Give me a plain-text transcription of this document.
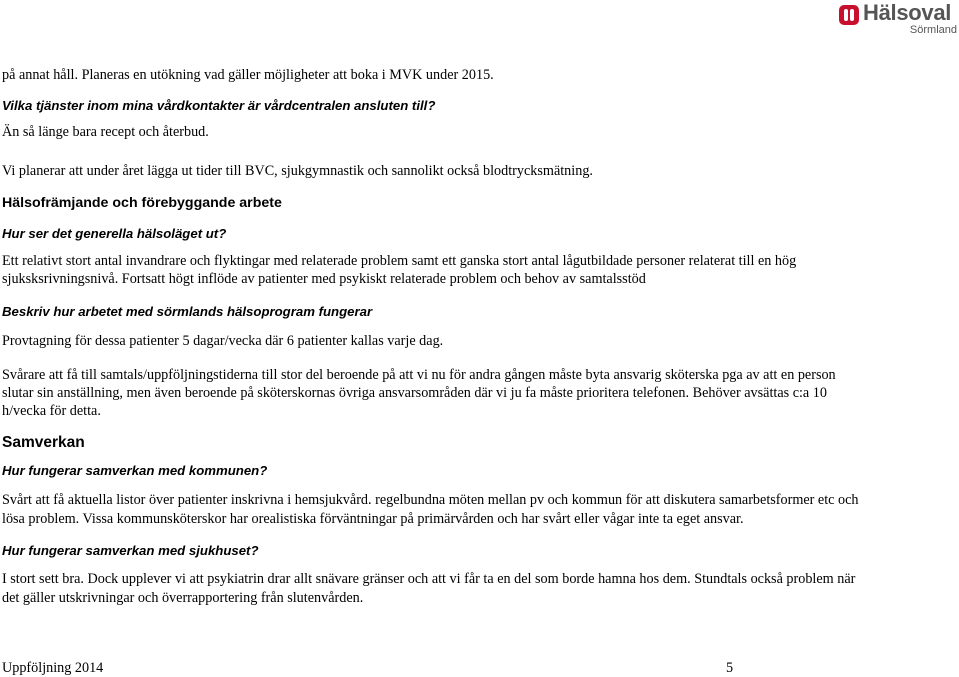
Hälsoval
Sörmland
på annat håll. Planeras en utökning vad gäller möjligheter att boka i MVK under 2015.
Vilka tjänster inom mina vårdkontakter är vårdcentralen ansluten till?
Än så länge bara recept och återbud.
Vi planerar att under året lägga ut tider till BVC, sjukgymnastik och sannolikt också blodtrycksmätning.
Hälsofrämjande och förebyggande arbete
Hur ser det generella hälsoläget ut?
Ett relativt stort antal invandrare och flyktingar med relaterade problem samt ett ganska stort antal lågutbildade personer relaterat till en hög
sjuksksrivningsnivå. Fortsatt högt inflöde av patienter med psykiskt relaterade problem och behov av samtalsstöd
Beskriv hur arbetet med sörmlands hälsoprogram fungerar
Provtagning för dessa patienter 5 dagar/vecka där 6 patienter kallas varje dag.
Svårare att få till samtals/uppföljningstiderna till stor del beroende på att vi nu för andra gången måste byta ansvarig sköterska pga av att en person
slutar sin anställning, men även beroende på sköterskornas övriga ansvarsområden där vi ju fa måste prioritera telefonen. Behöver avsättas c:a 10
h/vecka för detta.
Samverkan
Hur fungerar samverkan med kommunen?
Svårt att få aktuella listor över patienter inskrivna i hemsjukvård. regelbundna möten mellan pv och kommun för att diskutera samarbetsformer etc och
lösa problem. Vissa kommunsköterskor har orealistiska förväntningar på primärvården och har svårt eller vågar inte ta eget ansvar.
Hur fungerar samverkan med sjukhuset?
I stort sett bra. Dock upplever vi att psykiatrin drar allt snävare gränser och att vi får ta en del som borde hamna hos dem. Stundtals också problem när
det gäller utskrivningar och överrapportering från slutenvården.
Uppföljning 2014	5
